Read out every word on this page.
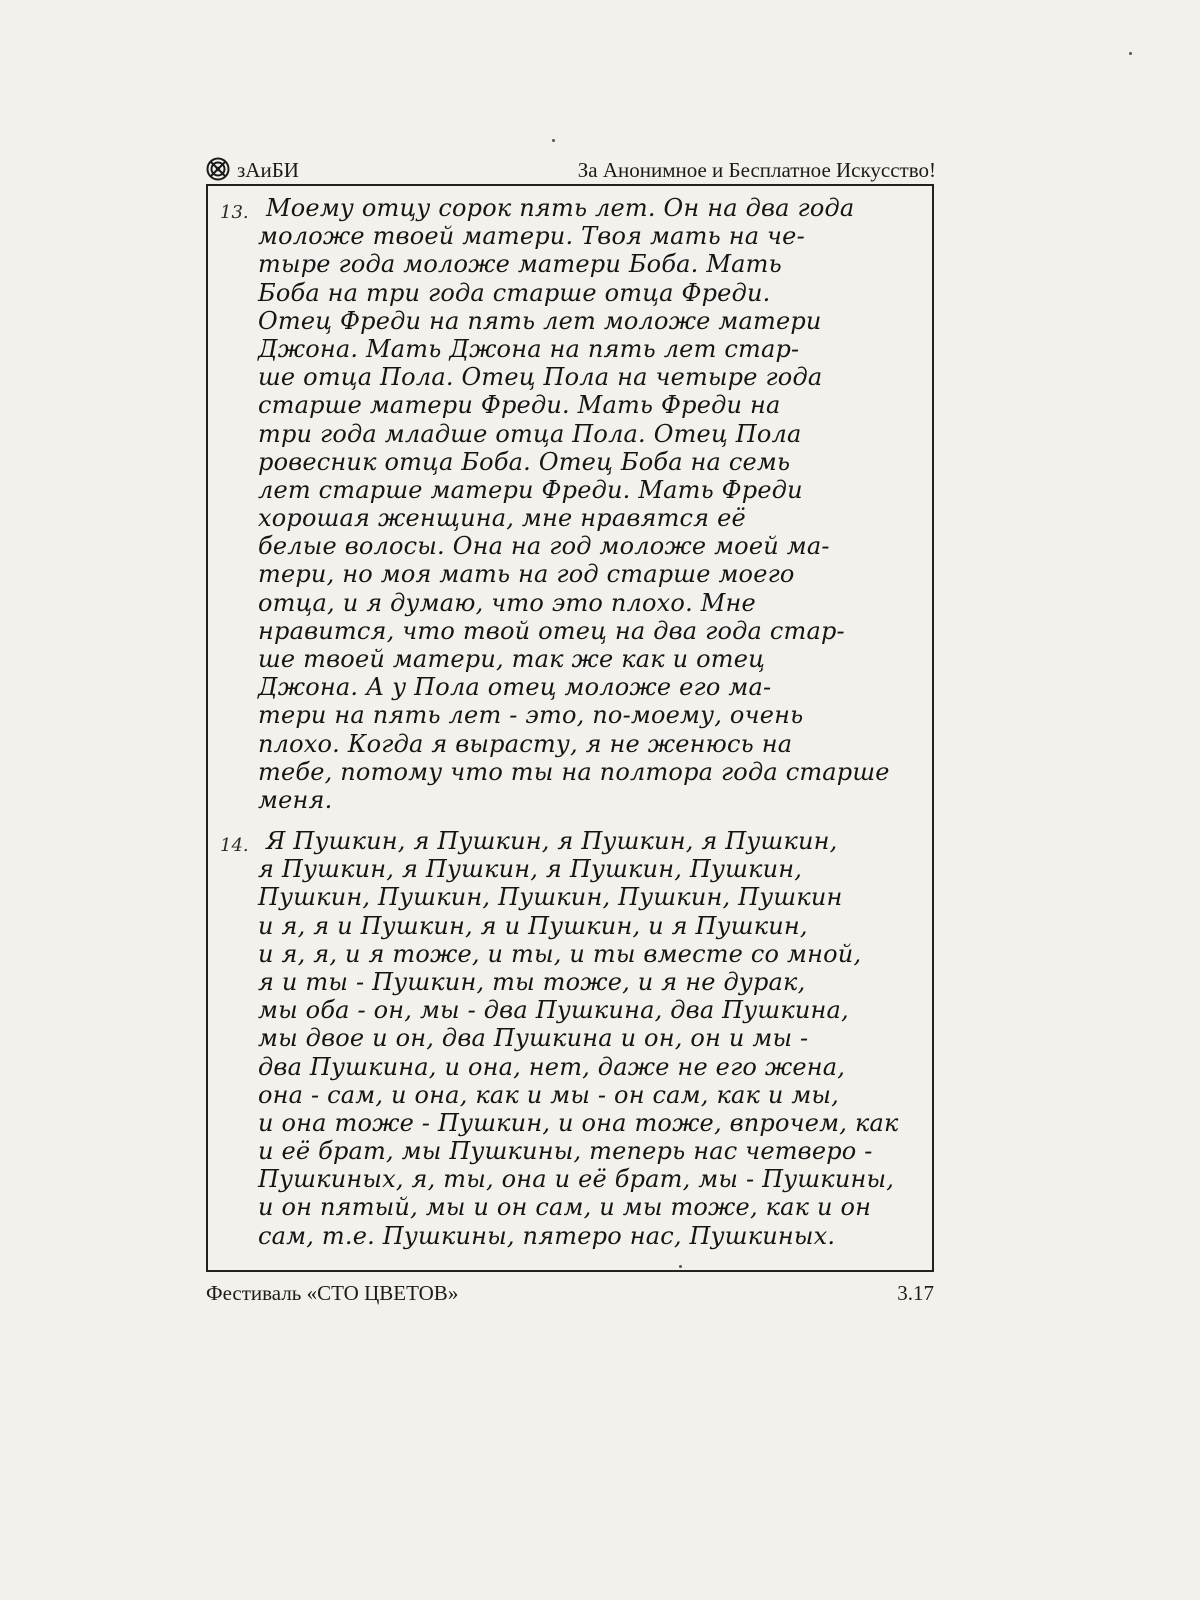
зАиБИ	За Анонимное и Бесплатное Искусство!
13. Моему отцу сорок пять лет. Он на два года
моложе твоей матери. Твоя мать на че-
тыре года моложе матери Боба. Мать
Боба на три года старше отца Фреди.
Отец Фреди на пять лет моложе матери
Джона. Мать Джона на пять лет стар-
ше отца Пола. Отец Пола на четыре года
старше матери Фреди. Мать Фреди на
три года младше отца Пола. Отец Пола
ровесник отца Боба. Отец Боба на семь
лет старше матери Фреди. Мать Фреди
хорошая женщина, мне нравятся её
белые волосы. Она на год моложе моей ма-
тери, но моя мать на год старше моего
отца, и я думаю, что это плохо. Мне
нравится, что твой отец на два года стар-
ше твоей матери, так же как и отец
Джона. А у Пола отец моложе его ма-
тери на пять лет - это, по-моему, очень
плохо. Когда я вырасту, я не женюсь на
тебе, потому что ты на полтора года старше
меня.
14. Я Пушкин, я Пушкин, я Пушкин, я Пушкин,
я Пушкин, я Пушкин, я Пушкин, Пушкин,
Пушкин, Пушкин, Пушкин, Пушкин, Пушкин
и я, я и Пушкин, я и Пушкин, и я Пушкин,
и я, я, и я тоже, и ты, и ты вместе со мной,
я и ты - Пушкин, ты тоже, и я не дурак,
мы оба - он, мы - два Пушкина, два Пушкина,
мы двое и он, два Пушкина и он, он и мы -
два Пушкина, и она, нет, даже не его жена,
она - сам, и она, как и мы - он сам, как и мы,
и она тоже - Пушкин, и она тоже, впрочем, как
и её брат, мы Пушкины, теперь нас четверо -
Пушкиных, я, ты, она и её брат, мы - Пушкины,
и он пятый, мы и он сам, и мы тоже, как и он
сам, т.е. Пушкины, пятеро нас, Пушкиных.
Фестиваль «СТО ЦВЕТОВ»	3.17
